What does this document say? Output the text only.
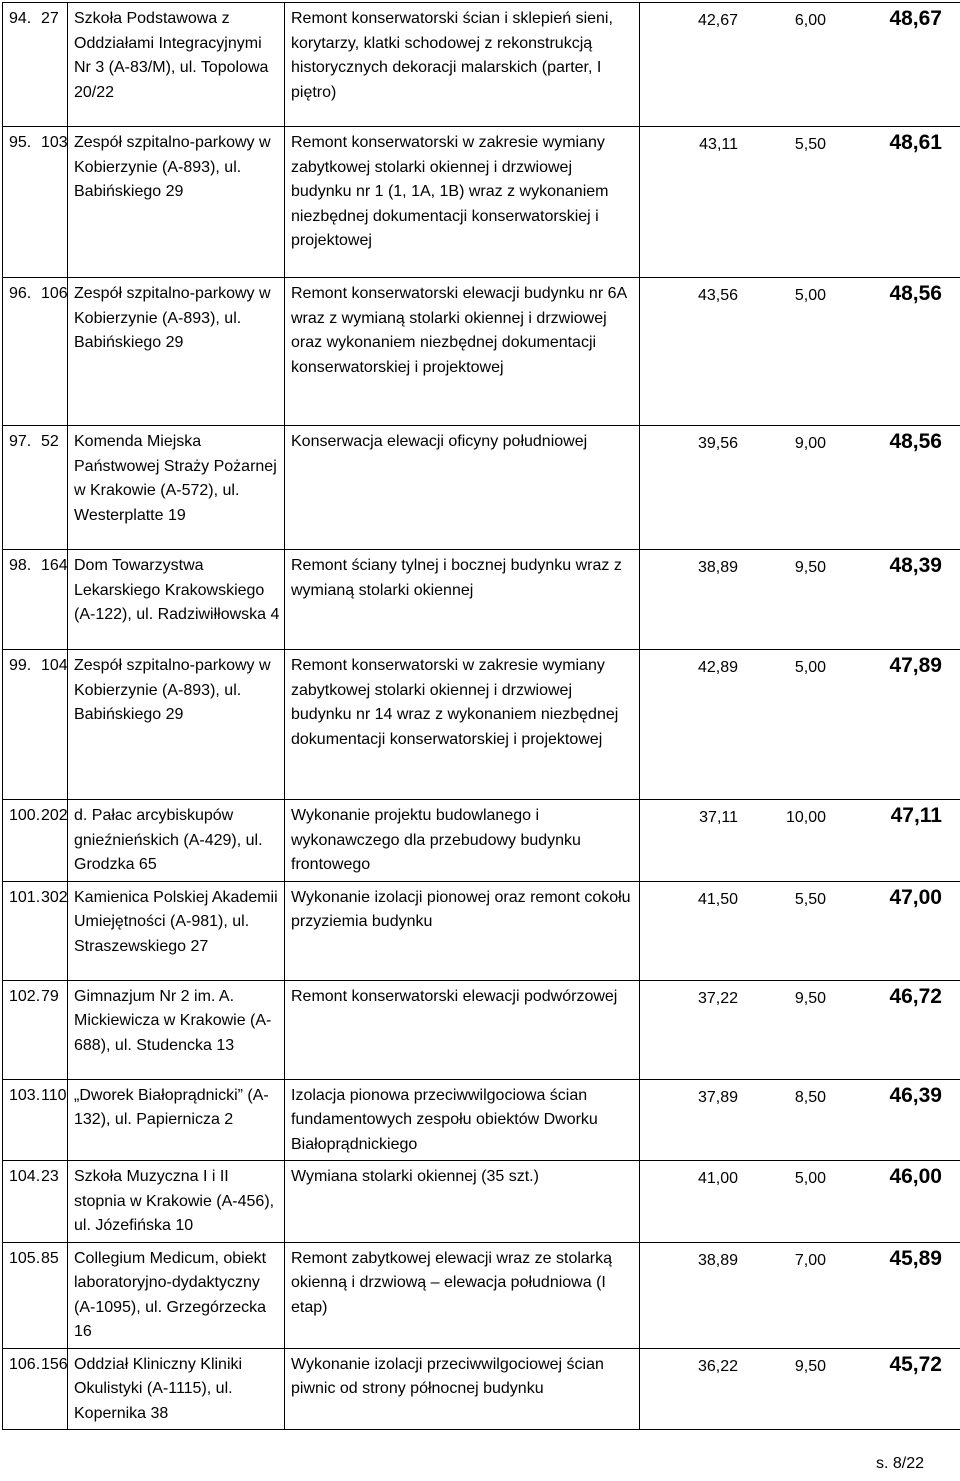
94. 27	Szkoła Podstawowa z Oddziałami Integracyjnymi Nr 3 (A-83/M), ul. Topolowa 20/22	Remont konserwatorski ścian i sklepień sieni, korytarzy, klatki schodowej z rekonstrukcją historycznych dekoracji malarskich (parter, I piętro)	42,67 6,00 48,67

95. 103	Zespół szpitalno-parkowy w Kobierzynie (A-893), ul. Babińskiego 29	Remont konserwatorski w zakresie wymiany zabytkowej stolarki okiennej i drzwiowej budynku nr 1 (1, 1A, 1B) wraz z wykonaniem niezbędnej dokumentacji konserwatorskiej i projektowej	43,11 5,50 48,61

96. 106	Zespół szpitalno-parkowy w Kobierzynie (A-893), ul. Babińskiego 29	Remont konserwatorski elewacji budynku nr 6A wraz z wymianą stolarki okiennej i drzwiowej oraz wykonaniem niezbędnej dokumentacji konserwatorskiej i projektowej	43,56 5,00 48,56

97. 52	Komenda Miejska Państwowej Straży Pożarnej w Krakowie (A-572), ul. Westerplatte 19	Konserwacja elewacji oficyny południowej	39,56 9,00 48,56

98. 164	Dom Towarzystwa Lekarskiego Krakowskiego (A-122), ul. Radziwiłłowska 4	Remont ściany tylnej i bocznej budynku wraz z wymianą stolarki okiennej	38,89 9,50 48,39

99. 104	Zespół szpitalno-parkowy w Kobierzynie (A-893), ul. Babińskiego 29	Remont konserwatorski w zakresie wymiany zabytkowej stolarki okiennej i drzwiowej budynku nr 14 wraz z wykonaniem niezbędnej dokumentacji konserwatorskiej i projektowej	42,89 5,00 47,89

100.202	d. Pałac arcybiskupów gnieźnieńskich (A-429), ul. Grodzka 65	Wykonanie projektu budowlanego i wykonawczego dla przebudowy budynku frontowego	37,11 10,00 47,11

101.302	Kamienica Polskiej Akademii Umiejętności (A-981), ul. Straszewskiego 27	Wykonanie izolacji pionowej oraz remont cokołu przyziemia budynku	41,50 5,50 47,00

102.79	Gimnazjum Nr 2 im. A. Mickiewicza w Krakowie (A-688), ul. Studencka 13	Remont konserwatorski elewacji podwórzowej	37,22 9,50 46,72

103.110	„Dworek Białoprądnicki” (A-132), ul. Papiernicza 2	Izolacja pionowa przeciwwilgociowa ścian fundamentowych zespołu obiektów Dworku Białoprądnickiego	37,89 8,50 46,39

104.23	Szkoła Muzyczna I i II stopnia w Krakowie (A-456), ul. Józefińska 10	Wymiana stolarki okiennej (35 szt.)	41,00 5,00 46,00

105.85	Collegium Medicum, obiekt laboratoryjno-dydaktyczny (A-1095), ul. Grzegórzecka 16	Remont zabytkowej elewacji wraz ze stolarką okienną i drzwiową – elewacja południowa (I etap)	38,89 7,00 45,89

106.156	Oddział Kliniczny Kliniki Okulistyki (A-1115), ul. Kopernika 38	Wykonanie izolacji przeciwwilgociowej ścian piwnic od strony północnej budynku	36,22 9,50 45,72
s. 8/22
